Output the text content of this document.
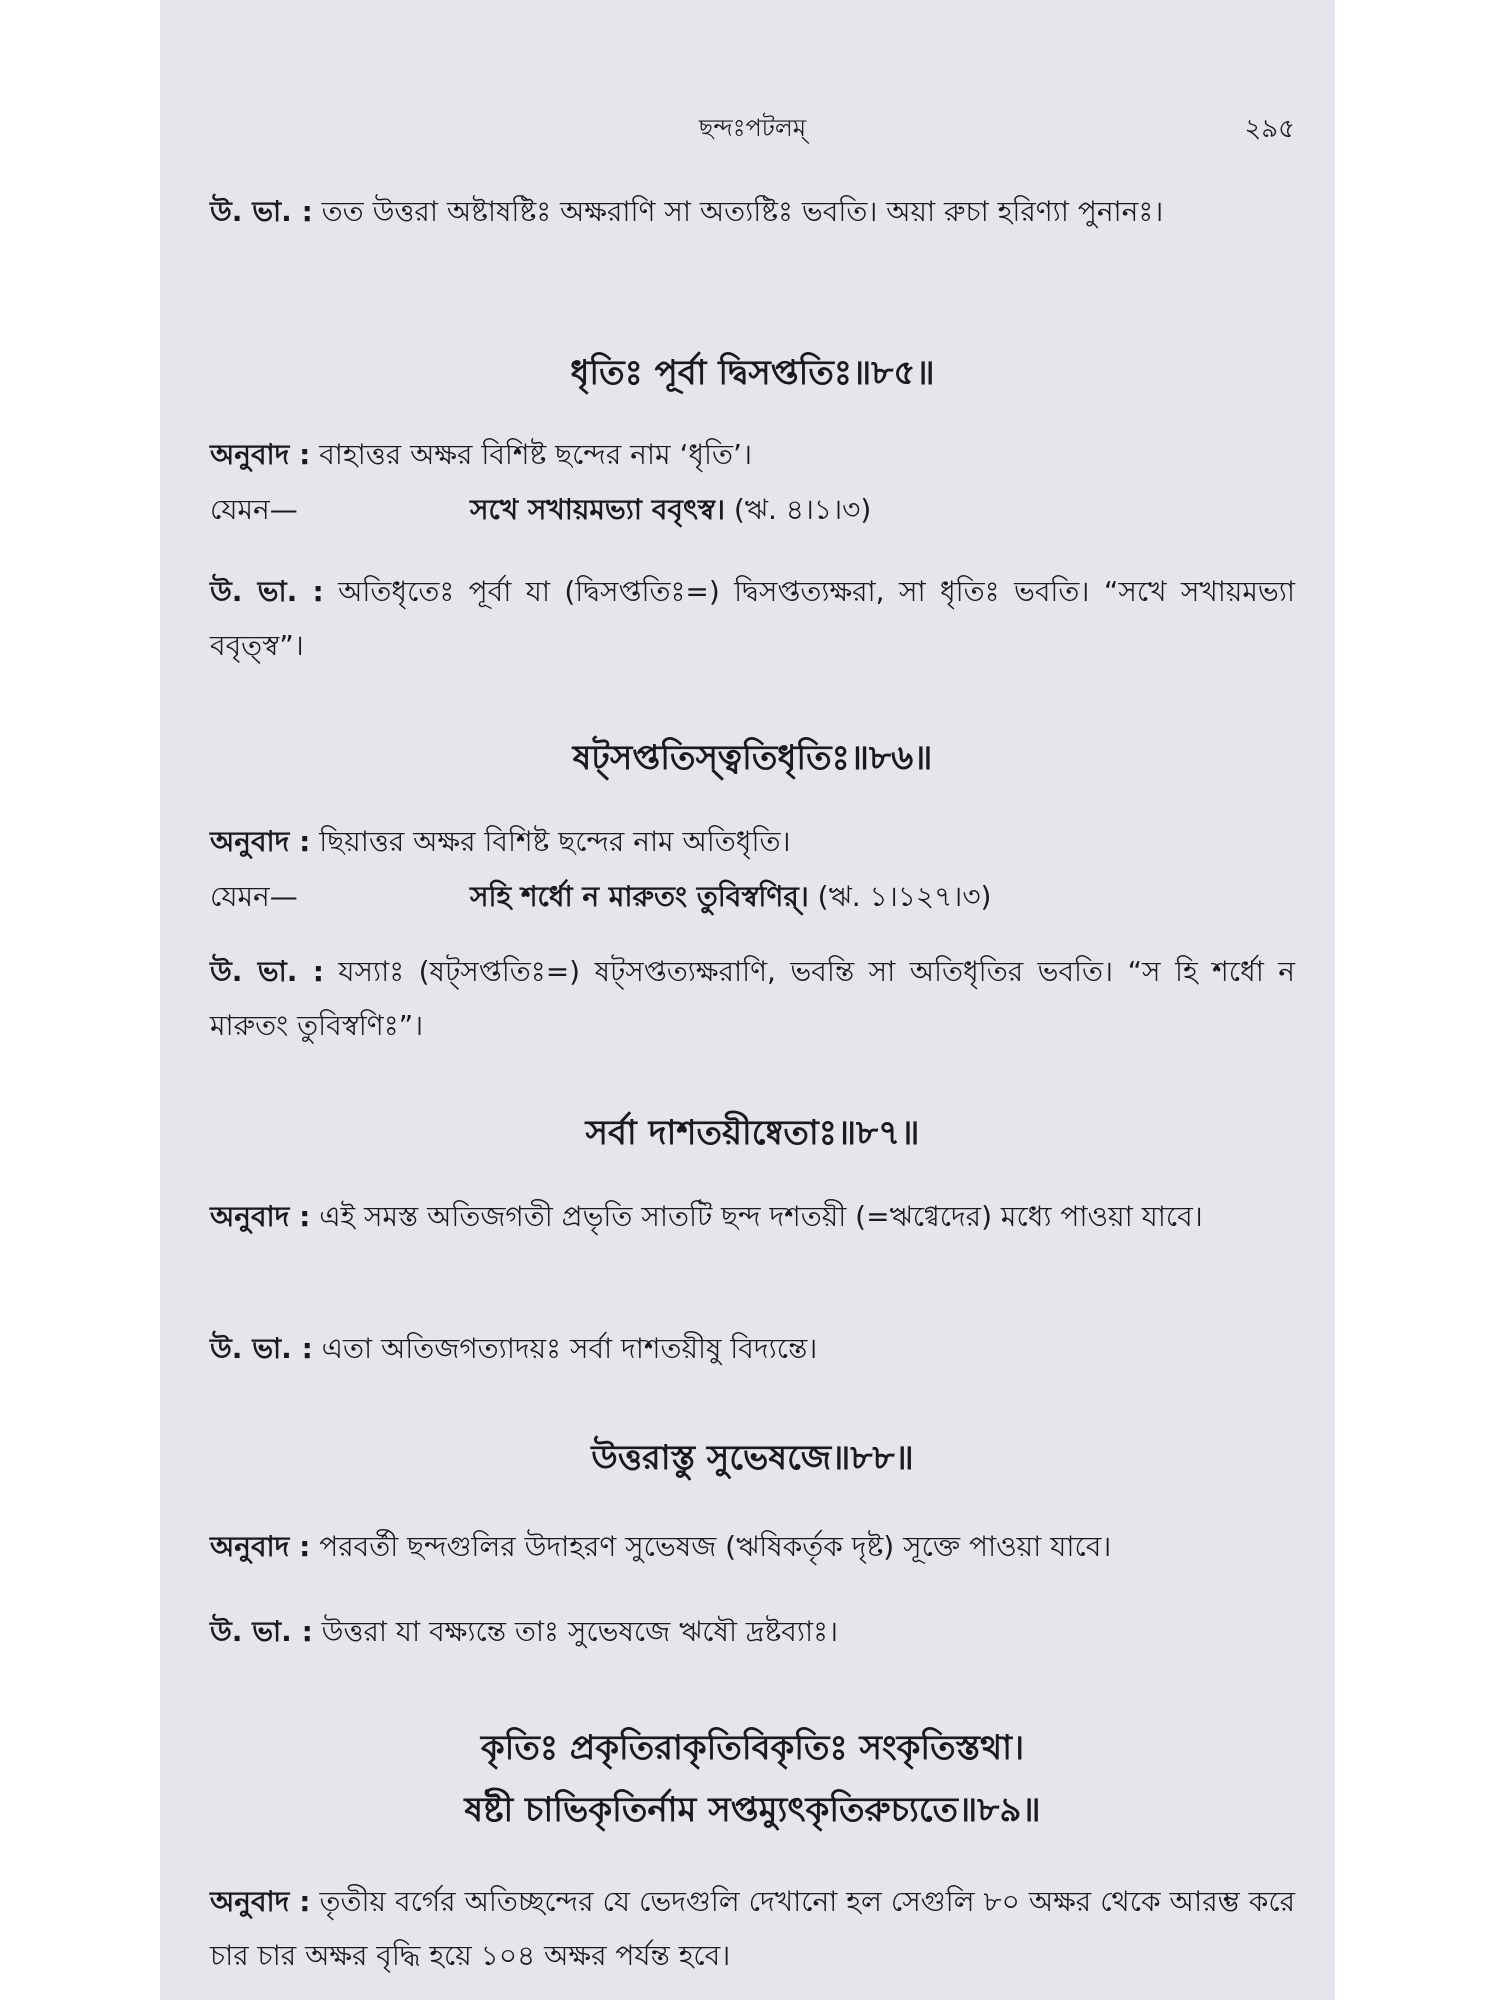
ছন্দঃপটলম্	২৯৫

উ. ভা. : তত উত্তরা অষ্টাষষ্টিঃ অক্ষরাণি সা অত্যষ্টিঃ ভবতি। অয়া রুচা হরিণ্যা পুনানঃ।

ধৃতিঃ পূর্বা দ্বিসপ্ততিঃ॥৮৫॥

অনুবাদ : বাহাত্তর অক্ষর বিশিষ্ট ছন্দের নাম ‘ধৃতি’।

যেমন—	সখে সখায়মভ্যা ববৃৎস্ব। (ঋ. ৪।১।৩)

উ. ভা. : অতিধৃতেঃ পূর্বা যা (দ্বিসপ্ততিঃ=) দ্বিসপ্তত্যক্ষরা, সা ধৃতিঃ ভবতি। “সখে সখায়মভ্যা ববৃত্স্ব”।

ষট্সপ্ততিস্ত্বতিধৃতিঃ॥৮৬॥

অনুবাদ : ছিয়াত্তর অক্ষর বিশিষ্ট ছন্দের নাম অতিধৃতি।

যেমন—	সহি শর্ধো ন মারুতং তুবিস্বণির্। (ঋ. ১।১২৭।৩)

উ. ভা. : যস্যাঃ (ষট্সপ্ততিঃ=) ষট্সপ্তত্যক্ষরাণি, ভবন্তি সা অতিধৃতির ভবতি। “স হি শর্ধো ন মারুতং তুবিস্বণিঃ”।

সর্বা দাশতয়ীষ্বেতাঃ॥৮৭॥

অনুবাদ : এই সমস্ত অতিজগতী প্রভৃতি সাতটি ছন্দ দশতয়ী (=ঋগ্বেদের) মধ্যে পাওয়া যাবে।

উ. ভা. : এতা অতিজগত্যাদয়ঃ সর্বা দাশতয়ীষু বিদ্যন্তে।

উত্তরাস্তু সুভেষজে॥৮৮॥

অনুবাদ : পরবর্তী ছন্দগুলির উদাহরণ সুভেষজ (ঋষিকর্তৃক দৃষ্ট) সূক্তে পাওয়া যাবে।

উ. ভা. : উত্তরা যা বক্ষ্যন্তে তাঃ সুভেষজে ঋষৌ দ্রষ্টব্যাঃ।

কৃতিঃ প্রকৃতিরাকৃতিবিকৃতিঃ সংকৃতিস্তথা।

ষষ্টী চাভিকৃতির্নাম সপ্তম্যুৎকৃতিরুচ্যতে॥৮৯॥

অনুবাদ : তৃতীয় বর্গের অতিচ্ছন্দের যে ভেদগুলি দেখানো হল সেগুলি ৮০ অক্ষর থেকে আরম্ভ করে চার চার অক্ষর বৃদ্ধি হয়ে ১০৪ অক্ষর পর্যন্ত হবে।
